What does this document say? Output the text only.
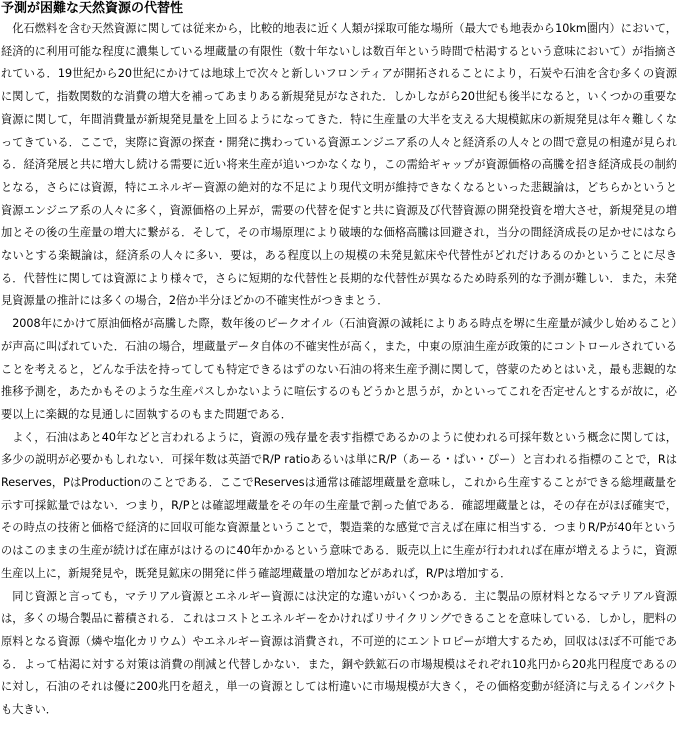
予測が困難な天然資源の代替性

化石燃料を含む天然資源に関しては従来から，比較的地表に近く人類が採取可能な場所（最大でも地表から10km圏内）において，経済的に利用可能な程度に濃集している埋蔵量の有限性（数十年ないしは数百年という時間で枯渇するという意味において）が指摘されている．19世紀から20世紀にかけては地球上で次々と新しいフロンティアが開拓されることにより，石炭や石油を含む多くの資源に関して，指数関数的な消費の増大を補ってあまりある新規発見がなされた．しかしながら20世紀も後半になると，いくつかの重要な資源に関して，年間消費量が新規発見量を上回るようになってきた．特に生産量の大半を支える大規模鉱床の新規発見は年々難しくなってきている．ここで，実際に資源の探査・開発に携わっている資源エンジニア系の人々と経済系の人々との間で意見の相違が見られる．経済発展と共に増大し続ける需要に近い将来生産が追いつかなくなり，この需給ギャップが資源価格の高騰を招き経済成長の制約となる，さらには資源，特にエネルギー資源の絶対的な不足により現代文明が維持できなくなるといった悲観論は，どちらかというと資源エンジニア系の人々に多く，資源価格の上昇が，需要の代替を促すと共に資源及び代替資源の開発投資を増大させ，新規発見の増加とその後の生産量の増大に繋がる．そして，その市場原理により破壊的な価格高騰は回避され，当分の間経済成長の足かせにはならないとする楽観論は，経済系の人々に多い．要は，ある程度以上の規模の未発見鉱床や代替性がどれだけあるのかということに尽きる．代替性に関しては資源により様々で，さらに短期的な代替性と長期的な代替性が異なるため時系列的な予測が難しい．また，未発見資源量の推計には多くの場合，2倍か半分ほどかの不確実性がつきまとう．

2008年にかけて原油価格が高騰した際，数年後のピークオイル（石油資源の減耗によりある時点を堺に生産量が減少し始めること）が声高に叫ばれていた．石油の場合，埋蔵量データ自体の不確実性が高く，また，中東の原油生産が政策的にコントロールされていることを考えると，どんな手法を持ってしても特定できるはずのない石油の将来生産予測に関して，啓蒙のためとはいえ，最も悲観的な推移予測を，あたかもそのような生産パスしかないように喧伝するのもどうかと思うが，かといってこれを否定せんとするが故に，必要以上に楽観的な見通しに固執するのもまた問題である．

よく，石油はあと40年などと言われるように，資源の残存量を表す指標であるかのように使われる可採年数という概念に関しては，多少の説明が必要かもしれない．可採年数は英語でR/P ratioあるいは単にR/P（あーる・ぱい・ぴー）と言われる指標のことで，RはReserves，PはProductionのことである．ここでReservesは通常は確認埋蔵量を意味し，これから生産することができる総埋蔵量を示す可採鉱量ではない．つまり，R/Pとは確認埋蔵量をその年の生産量で割った値である．確認埋蔵量とは，その存在がほぼ確実で，その時点の技術と価格で経済的に回収可能な資源量ということで，製造業的な感覚で言えば在庫に相当する．つまりR/Pが40年というのはこのままの生産が続けば在庫がはけるのに40年かかるという意味である．販売以上に生産が行われれば在庫が増えるように，資源生産以上に，新規発見や，既発見鉱床の開発に伴う確認埋蔵量の増加などがあれば，R/Pは増加する．

同じ資源と言っても，マテリアル資源とエネルギー資源には決定的な違いがいくつかある．主に製品の原材料となるマテリアル資源は，多くの場合製品に蓄積される．これはコストとエネルギーをかければリサイクリングできることを意味している．しかし，肥料の原料となる資源（燐や塩化カリウム）やエネルギー資源は消費され，不可逆的にエントロピーが増大するため，回収はほぼ不可能である．よって枯渇に対する対策は消費の削減と代替しかない．また，銅や鉄鉱石の市場規模はそれぞれ10兆円から20兆円程度であるのに対し，石油のそれは優に200兆円を超え，単一の資源としては桁違いに市場規模が大きく，その価格変動が経済に与えるインパクトも大きい．
